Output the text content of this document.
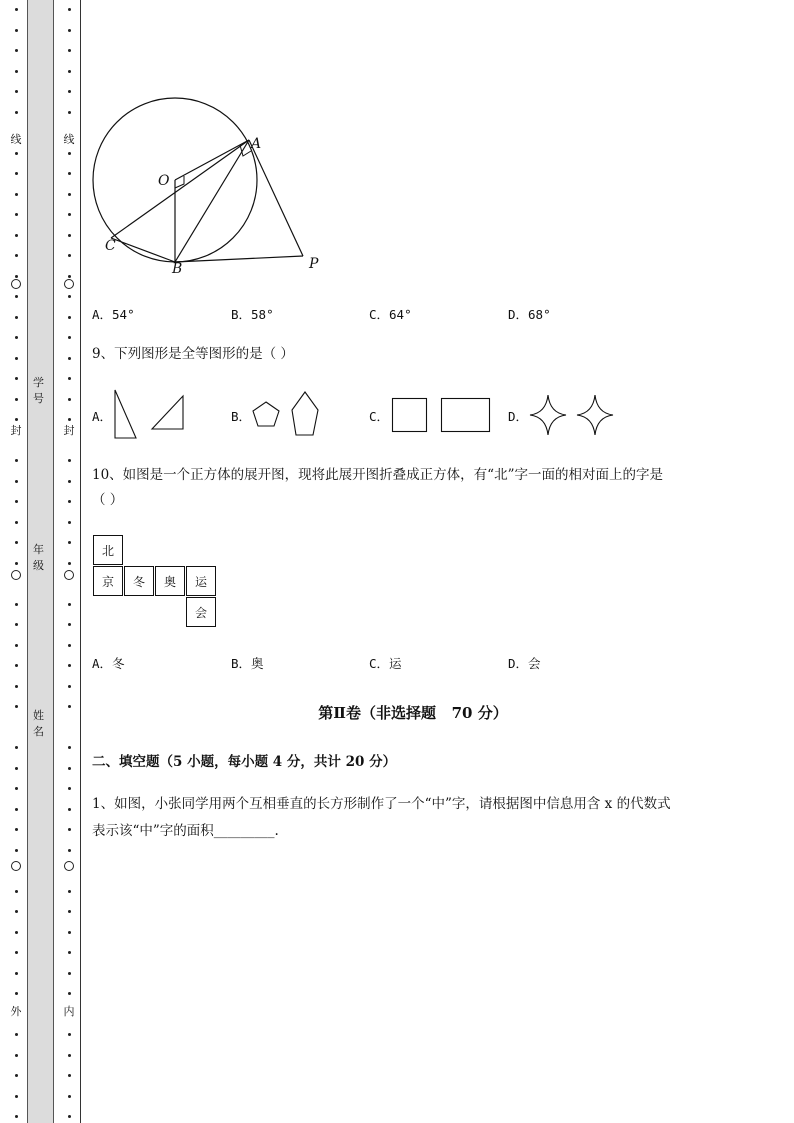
线
封
外
线
封
内
学号
年级
姓名
O
A
C
B	P
A．54°	B．58°	C．64°	D．68°
9、下列图形是全等图形的是（ ）
A．	B．	C．	D．
10、如图是一个正方体的展开图，现将此展开图折叠成正方体，有“北”字一面的相对面上的字是
（ ）
北
京	冬	奥	运
会
A．冬	B．奥	C．运	D．会
第Ⅱ卷（非选择题   70 分）
二、填空题（5 小题，每小题 4 分，共计 20 分）
1、如图，小张同学用两个互相垂直的长方形制作了一个“中”字，请根据图中信息用含 x 的代数式
表示该“中”字的面积_________.
